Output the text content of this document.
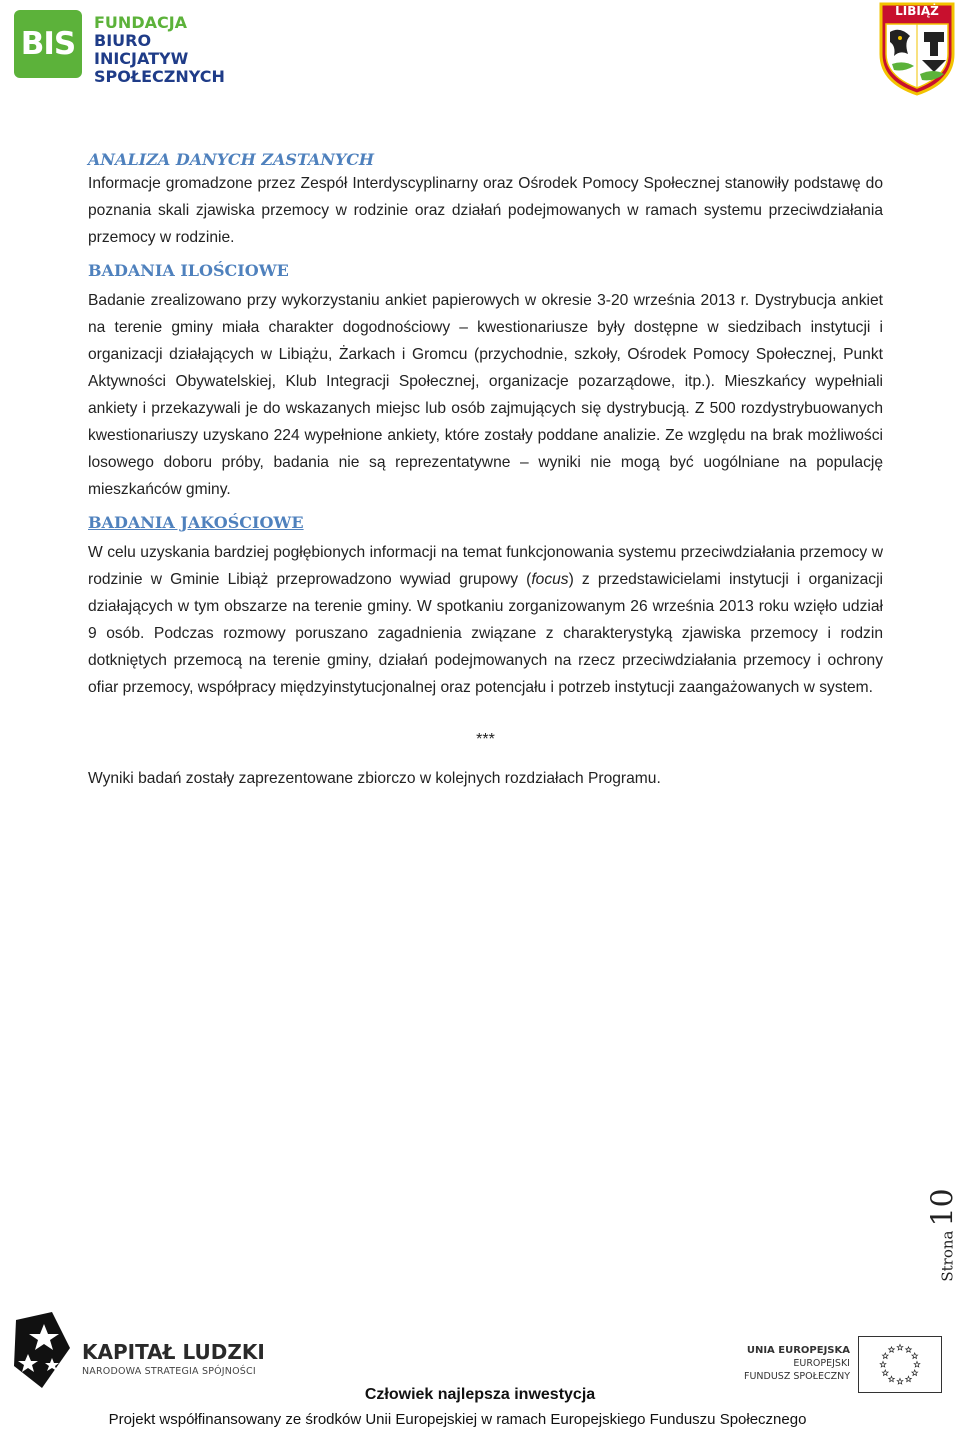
BIS
FUNDACJA
BIURO INICJATYW
SPOŁECZNYCH
LIBIĄŻ
ANALIZA DANYCH ZASTANYCH

Informacje gromadzone przez Zespół Interdyscyplinarny oraz Ośrodek Pomocy Społecznej stanowiły podstawę do poznania skali zjawiska przemocy w rodzinie oraz działań podejmowanych w ramach systemu przeciwdziałania przemocy w rodzinie.

BADANIA ILOŚCIOWE

Badanie zrealizowano przy wykorzystaniu ankiet papierowych w okresie 3-20 września 2013 r. Dystrybucja ankiet na terenie gminy miała charakter dogodnościowy – kwestionariusze były dostępne w siedzibach instytucji i organizacji działających w Libiążu, Żarkach i Gromcu (przychodnie, szkoły, Ośrodek Pomocy Społecznej, Punkt Aktywności Obywatelskiej, Klub Integracji Społecznej, organizacje pozarządowe, itp.). Mieszkańcy wypełniali ankiety i przekazywali je do wskazanych miejsc lub osób zajmujących się dystrybucją. Z 500 rozdystrybuowanych kwestionariuszy uzyskano 224 wypełnione ankiety, które zostały poddane analizie. Ze względu na brak możliwości losowego doboru próby, badania nie są reprezentatywne – wyniki nie mogą być uogólniane na populację mieszkańców gminy.

BADANIA JAKOŚCIOWE

W celu uzyskania bardziej pogłębionych informacji na temat funkcjonowania systemu przeciwdziałania przemocy w rodzinie w Gminie Libiąż przeprowadzono wywiad grupowy (focus) z przedstawicielami instytucji i organizacji działających w tym obszarze na terenie gminy. W spotkaniu zorganizowanym 26 września 2013 roku wzięło udział 9 osób. Podczas rozmowy poruszano zagadnienia związane z charakterystyką zjawiska przemocy i rodzin dotkniętych przemocą na terenie gminy, działań podejmowanych na rzecz przeciwdziałania przemocy i ochrony ofiar przemocy, współpracy międzyinstytucjonalnej oraz potencjału i potrzeb instytucji zaangażowanych w system.

***

Wyniki badań zostały zaprezentowane zbiorczo w kolejnych rozdziałach Programu.

Strona10
KAPITAŁ LUDZKI
NARODOWA STRATEGIA SPÓJNOŚCI
UNIA EUROPEJSKA
EUROPEJSKI
FUNDUSZ SPOŁECZNY
Człowiek najlepsza inwestycja
Projekt współfinansowany ze środków Unii Europejskiej w ramach Europejskiego Funduszu Społecznego
